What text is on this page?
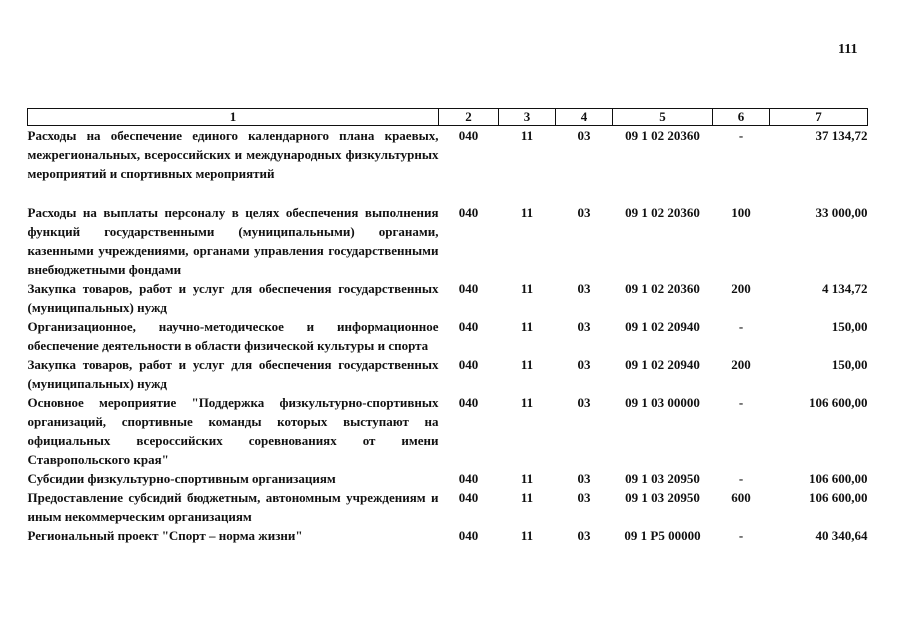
111
1	2	3	4	5	6	7
Расходы на обеспечение единого календарного плана краевых, межрегиональных, всероссийских и международных физкультурных мероприятий и спортивных мероприятий	040	11	03	09 1 02 20360	-	37 134,72
Расходы на выплаты персоналу в целях обеспечения выполнения функций государственными (муниципальными) органами, казенными учреждениями, органами управления государственными внебюджетными фондами	040	11	03	09 1 02 20360	100	33 000,00
Закупка товаров, работ и услуг для обеспечения государственных (муниципальных) нужд	040	11	03	09 1 02 20360	200	4 134,72
Организационное, научно-методическое и информационное обеспечение деятельности в области физической культуры и спорта	040	11	03	09 1 02 20940	-	150,00
Закупка товаров, работ и услуг для обеспечения государственных (муниципальных) нужд	040	11	03	09 1 02 20940	200	150,00
Основное мероприятие "Поддержка физкультурно-спортивных организаций, спортивные команды которых выступают на официальных всероссийских соревнованиях от имени Ставропольского края"	040	11	03	09 1 03 00000	-	106 600,00
Субсидии физкультурно-спортивным организациям	040	11	03	09 1 03 20950	-	106 600,00
Предоставление субсидий бюджетным, автономным учреждениям и иным некоммерческим организациям	040	11	03	09 1 03 20950	600	106 600,00
Региональный проект "Спорт – норма жизни"	040	11	03	09 1 P5 00000	-	40 340,64
